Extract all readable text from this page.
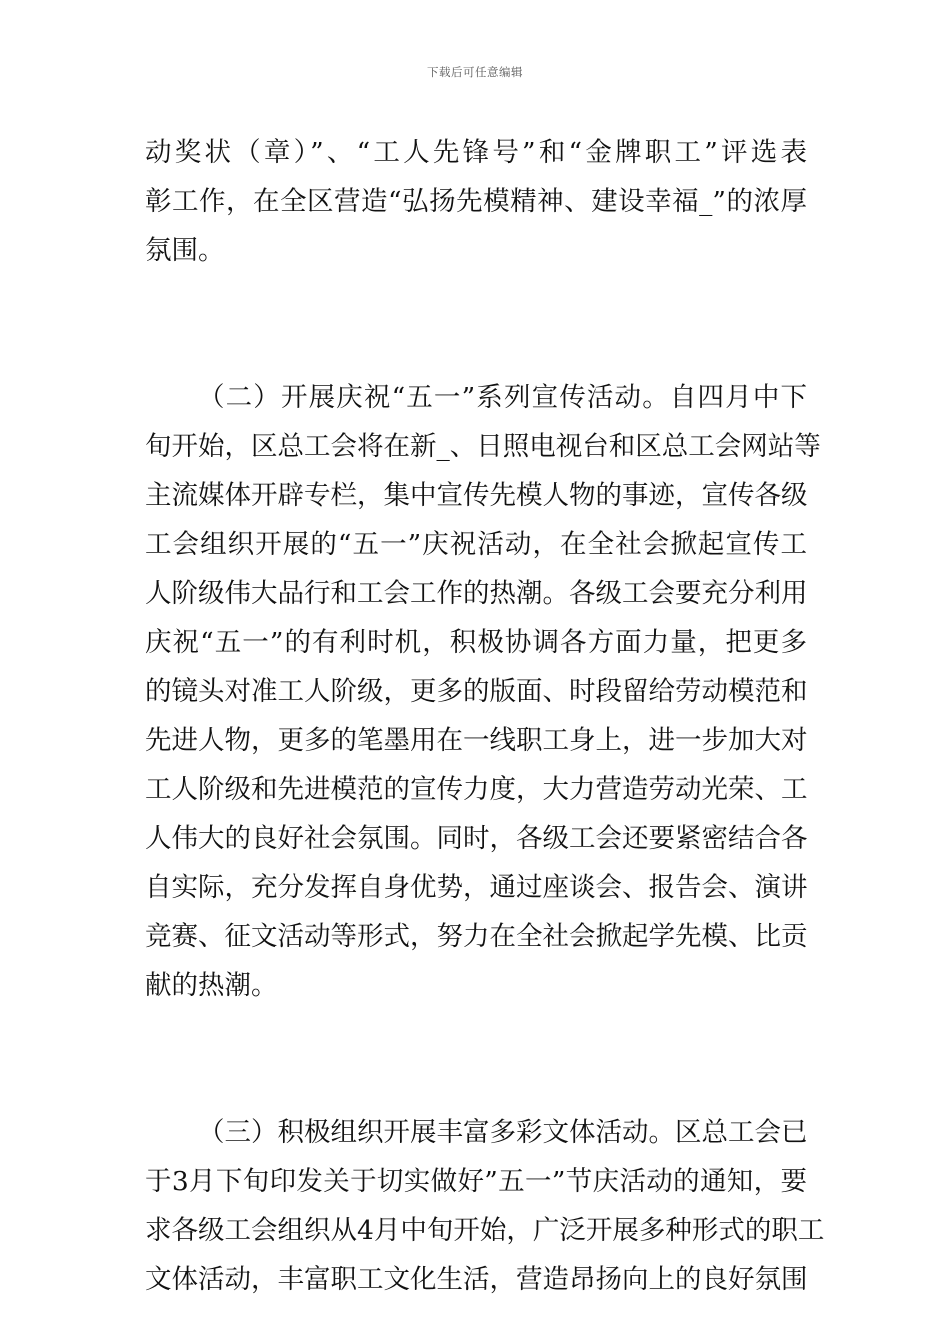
下载后可任意编辑
动奖状（章）”、“工人先锋号”和“金牌职工”评选表
彰工作，在全区营造“弘扬先模精神、建设幸福_”的浓厚
氛围。
（二）开展庆祝“五一”系列宣传活动。自四月中下
旬开始，区总工会将在新_、日照电视台和区总工会网站等
主流媒体开辟专栏，集中宣传先模人物的事迹，宣传各级
工会组织开展的“五一”庆祝活动，在全社会掀起宣传工
人阶级伟大品行和工会工作的热潮。各级工会要充分利用
庆祝“五一”的有利时机，积极协调各方面力量，把更多
的镜头对准工人阶级，更多的版面、时段留给劳动模范和
先进人物，更多的笔墨用在一线职工身上，进一步加大对
工人阶级和先进模范的宣传力度，大力营造劳动光荣、工
人伟大的良好社会氛围。同时，各级工会还要紧密结合各
自实际，充分发挥自身优势，通过座谈会、报告会、演讲
竞赛、征文活动等形式，努力在全社会掀起学先模、比贡
献的热潮。
（三）积极组织开展丰富多彩文体活动。区总工会已
于3月下旬印发关于切实做好”五一”节庆活动的通知，要
求各级工会组织从4月中旬开始，广泛开展多种形式的职工
文体活动，丰富职工文化生活，营造昂扬向上的良好氛围
